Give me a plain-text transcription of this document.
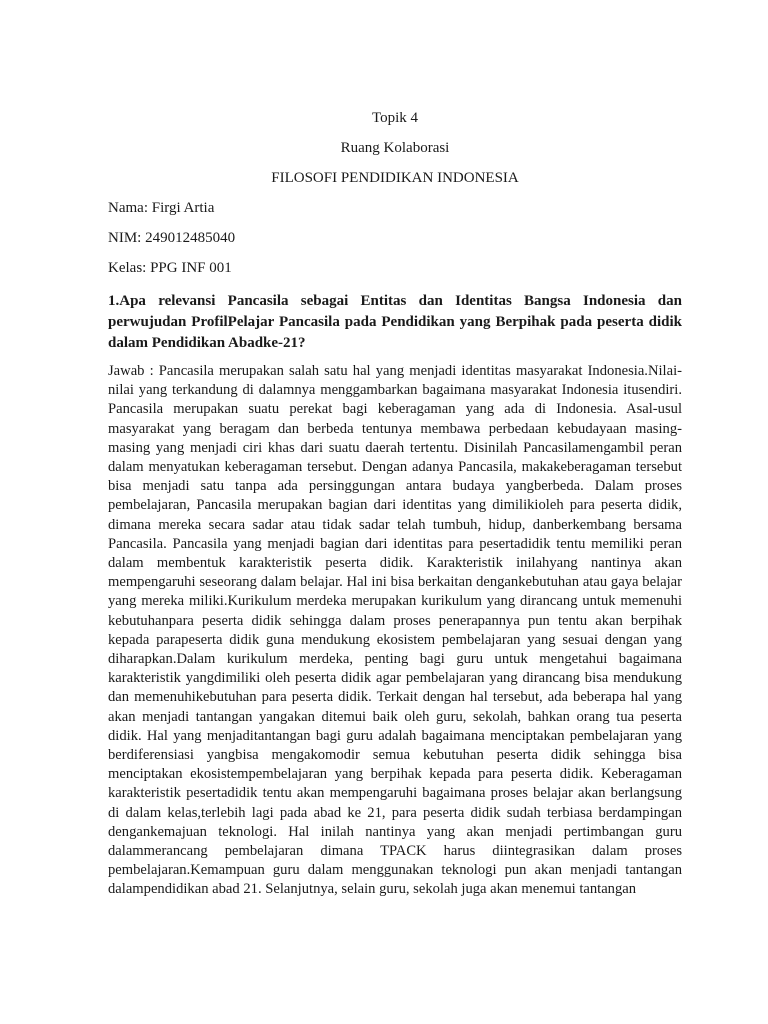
Topik 4

Ruang Kolaborasi

FILOSOFI PENDIDIKAN INDONESIA

Nama: Firgi Artia

NIM: 249012485040

Kelas: PPG INF 001

1.Apa relevansi Pancasila sebagai Entitas dan Identitas Bangsa Indonesia dan perwujudan ProfilPelajar Pancasila pada Pendidikan yang Berpihak pada peserta didik dalam Pendidikan Abadke-21?

Jawab : Pancasila merupakan salah satu hal yang menjadi identitas masyarakat Indonesia.Nilai-nilai yang terkandung di dalamnya menggambarkan bagaimana masyarakat Indonesia itusendiri. Pancasila merupakan suatu perekat bagi keberagaman yang ada di Indonesia. Asal-usul masyarakat yang beragam dan berbeda tentunya membawa perbedaan kebudayaan masing-masing yang menjadi ciri khas dari suatu daerah tertentu. Disinilah Pancasilamengambil peran dalam menyatukan keberagaman tersebut. Dengan adanya Pancasila, makakeberagaman tersebut bisa menjadi satu tanpa ada persinggungan antara budaya yangberbeda. Dalam proses pembelajaran, Pancasila merupakan bagian dari identitas yang dimilikioleh para peserta didik, dimana mereka secara sadar atau tidak sadar telah tumbuh, hidup, danberkembang bersama Pancasila. Pancasila yang menjadi bagian dari identitas para pesertadidik tentu memiliki peran dalam membentuk karakteristik peserta didik. Karakteristik inilahyang nantinya akan mempengaruhi seseorang dalam belajar. Hal ini bisa berkaitan dengankebutuhan atau gaya belajar yang mereka miliki.Kurikulum merdeka merupakan kurikulum yang dirancang untuk memenuhi kebutuhanpara peserta didik sehingga dalam proses penerapannya pun tentu akan berpihak kepada parapeserta didik guna mendukung ekosistem pembelajaran yang sesuai dengan yang diharapkan.Dalam kurikulum merdeka, penting bagi guru untuk mengetahui bagaimana karakteristik yangdimiliki oleh peserta didik agar pembelajaran yang dirancang bisa mendukung dan memenuhikebutuhan para peserta didik. Terkait dengan hal tersebut, ada beberapa hal yang akan menjadi tantangan yangakan ditemui baik oleh guru, sekolah, bahkan orang tua peserta didik. Hal yang menjaditantangan bagi guru adalah bagaimana menciptakan pembelajaran yang berdiferensiasi yangbisa mengakomodir semua kebutuhan peserta didik sehingga bisa menciptakan ekosistempembelajaran yang berpihak kepada para peserta didik. Keberagaman karakteristik pesertadidik tentu akan mempengaruhi bagaimana proses belajar akan berlangsung di dalam kelas,terlebih lagi pada abad ke 21, para peserta didik sudah terbiasa berdampingan dengankemajuan teknologi. Hal inilah nantinya yang akan menjadi pertimbangan guru dalammerancang pembelajaran dimana TPACK harus diintegrasikan dalam proses pembelajaran.Kemampuan guru dalam menggunakan teknologi pun akan menjadi tantangan dalampendidikan abad 21. Selanjutnya, selain guru, sekolah juga akan menemui tantangan
